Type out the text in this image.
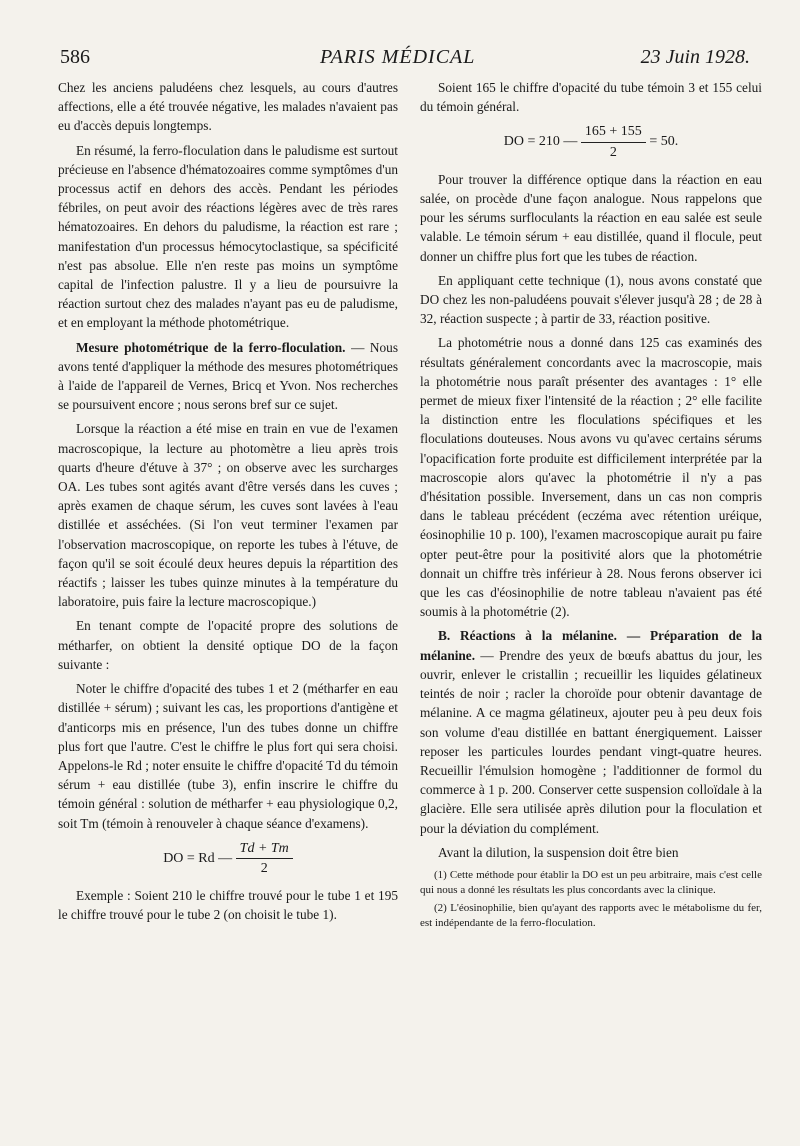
586	PARIS MÉDICAL	23 Juin 1928.

Chez les anciens paludéens chez lesquels, au cours d'autres affections, elle a été trouvée négative, les malades n'avaient pas eu d'accès depuis longtemps.

En résumé, la ferro-floculation dans le paludisme est surtout précieuse en l'absence d'hématozoaires comme symptômes d'un processus actif en dehors des accès. Pendant les périodes fébriles, on peut avoir des réactions légères avec de très rares hématozoaires. En dehors du paludisme, la réaction est rare ; manifestation d'un processus hémocytoclastique, sa spécificité n'est pas absolue. Elle n'en reste pas moins un symptôme capital de l'infection palustre. Il y a lieu de poursuivre la réaction surtout chez des malades n'ayant pas eu de paludisme, et en employant la méthode photométrique.

Mesure photométrique de la ferro-floculation. — Nous avons tenté d'appliquer la méthode des mesures photométriques à l'aide de l'appareil de Vernes, Bricq et Yvon. Nos recherches se poursuivent encore ; nous serons bref sur ce sujet.

Lorsque la réaction a été mise en train en vue de l'examen macroscopique, la lecture au photomètre a lieu après trois quarts d'heure d'étuve à 37° ; on observe avec les surcharges OA. Les tubes sont agités avant d'être versés dans les cuves ; après examen de chaque sérum, les cuves sont lavées à l'eau distillée et asséchées. (Si l'on veut terminer l'examen par l'observation macroscopique, on reporte les tubes à l'étuve, de façon qu'il se soit écoulé deux heures depuis la répartition des réactifs ; laisser les tubes quinze minutes à la température du laboratoire, puis faire la lecture macroscopique.)

En tenant compte de l'opacité propre des solutions de métharfer, on obtient la densité optique DO de la façon suivante :

Noter le chiffre d'opacité des tubes 1 et 2 (métharfer en eau distillée + sérum) ; suivant les cas, les proportions d'antigène et d'anticorps mis en présence, l'un des tubes donne un chiffre plus fort que l'autre. C'est le chiffre le plus fort qui sera choisi. Appelons-le Rd ; noter ensuite le chiffre d'opacité Td du témoin sérum + eau distillée (tube 3), enfin inscrire le chiffre du témoin général : solution de métharfer + eau physiologique 0,2, soit Tm (témoin à renouveler à chaque séance d'examens).

DO = Rd — $\frac{Td + Tm}{2}$

Exemple : Soient 210 le chiffre trouvé pour le tube 1 et 195 le chiffre trouvé pour le tube 2 (on choisit le tube 1).

Soient 165 le chiffre d'opacité du tube témoin 3 et 155 celui du témoin général.

DO = 210 — $\frac{165 + 155}{2} = 50$.

Pour trouver la différence optique dans la réaction en eau salée, on procède d'une façon analogue. Nous rappelons que pour les sérums surfloculants la réaction en eau salée est seule valable. Le témoin sérum + eau distillée, quand il flocule, peut donner un chiffre plus fort que les tubes de réaction.

En appliquant cette technique (1), nous avons constaté que DO chez les non-paludéens pouvait s'élever jusqu'à 28 ; de 28 à 32, réaction suspecte ; à partir de 33, réaction positive.

La photométrie nous a donné dans 125 cas examinés des résultats généralement concordants avec la macroscopie, mais la photométrie nous paraît présenter des avantages : 1° elle permet de mieux fixer l'intensité de la réaction ; 2° elle facilite la distinction entre les floculations spécifiques et les floculations douteuses. Nous avons vu qu'avec certains sérums l'opacification forte produite est difficilement interprétée par la macroscopie alors qu'avec la photométrie il n'y a pas d'hésitation possible. Inversement, dans un cas non compris dans le tableau précédent (eczéma avec rétention uréique, éosinophilie 10 p. 100), l'examen macroscopique aurait pu faire opter peut-être pour la positivité alors que la photométrie donnait un chiffre très inférieur à 28. Nous ferons observer ici que les cas d'éosinophilie de notre tableau n'avaient pas été soumis à la photométrie (2).

B. Réactions à la mélanine. — Préparation de la mélanine. — Prendre des yeux de bœufs abattus du jour, les ouvrir, enlever le cristallin ; recueillir les liquides gélatineux teintés de noir ; racler la choroïde pour obtenir davantage de mélanine. A ce magma gélatineux, ajouter peu à peu deux fois son volume d'eau distillée en battant énergiquement. Laisser reposer les particules lourdes pendant vingt-quatre heures. Recueillir l'émulsion homogène ; l'additionner de formol du commerce à 1 p. 200. Conserver cette suspension colloïdale à la glacière. Elle sera utilisée après dilution pour la floculation et pour la déviation du complément.

Avant la dilution, la suspension doit être bien

(1) Cette méthode pour établir la DO est un peu arbitraire, mais c'est celle qui nous a donné les résultats les plus concordants avec la clinique.

(2) L'éosinophilie, bien qu'ayant des rapports avec le métabolisme du fer, est indépendante de la ferro-floculation.
